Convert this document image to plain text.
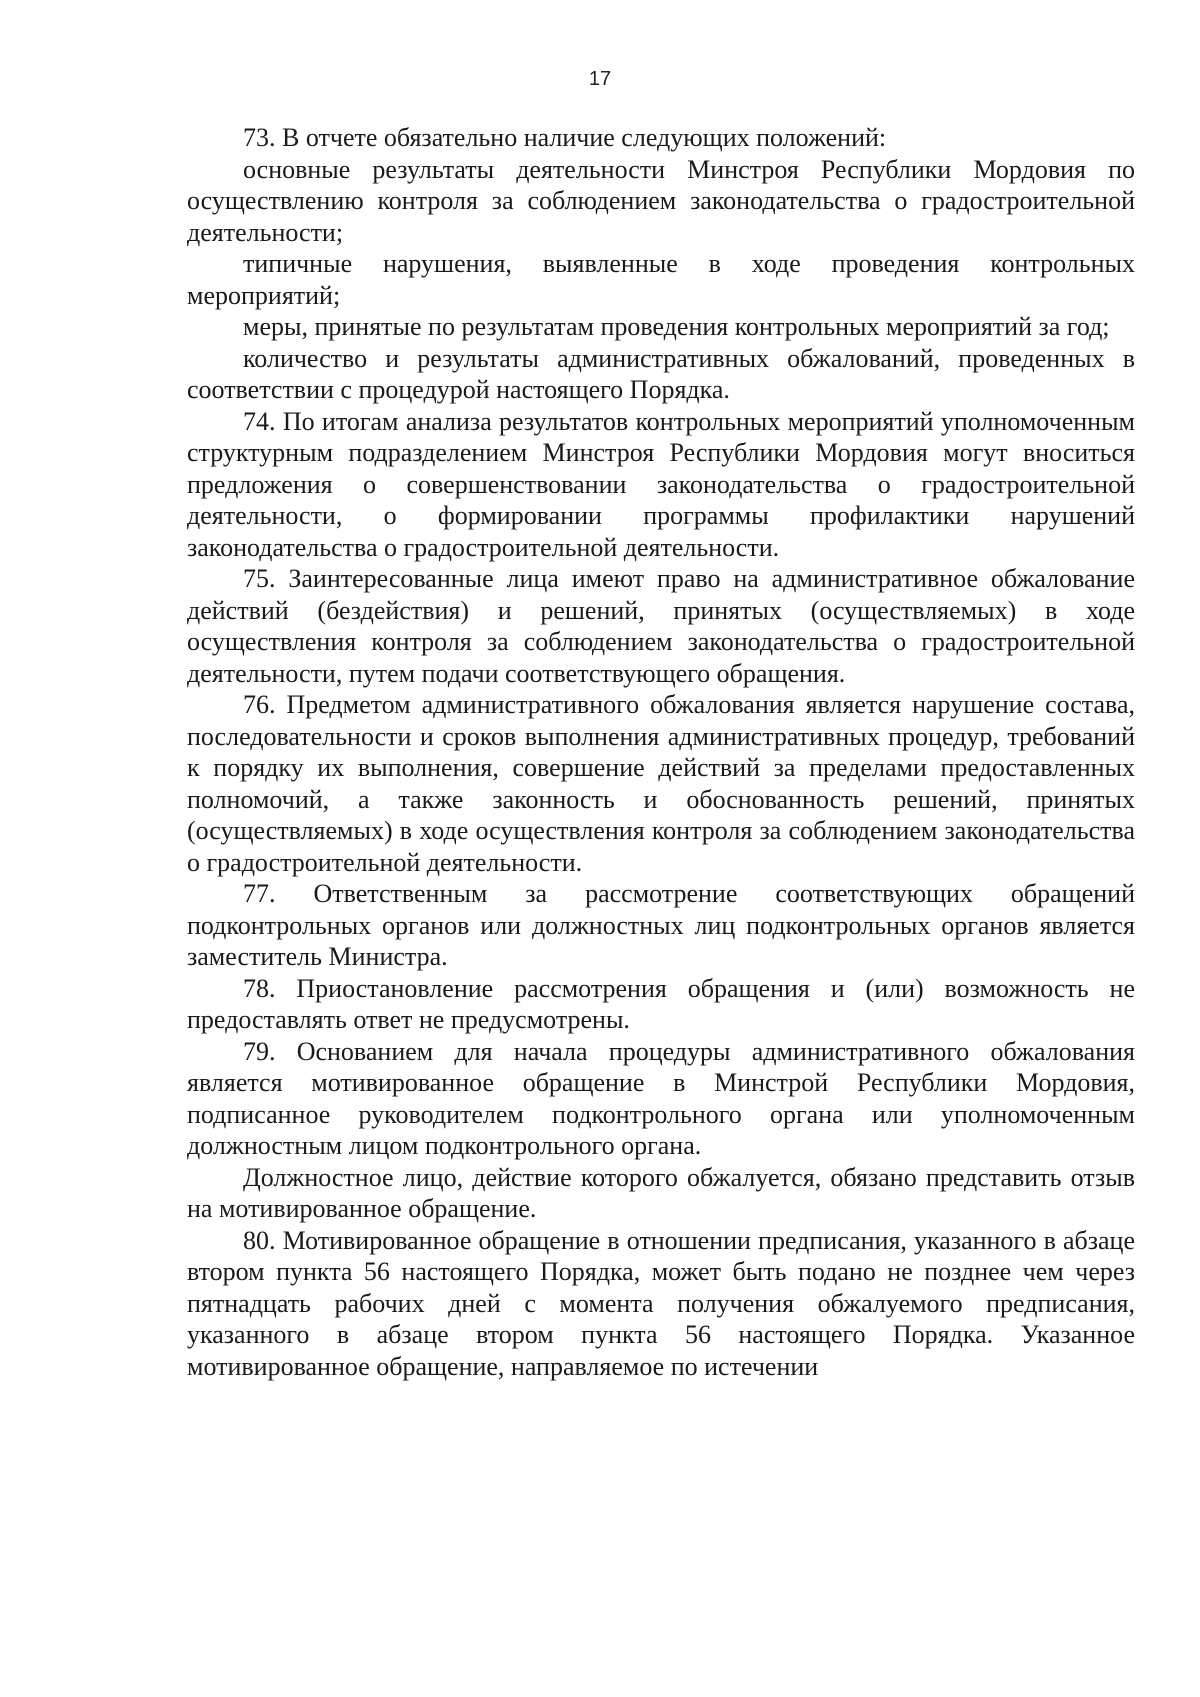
17

73. В отчете обязательно наличие следующих положений:

основные результаты деятельности Минстроя Республики Мордовия по осуществлению контроля за соблюдением законодательства о градостроительной деятельности;

типичные нарушения, выявленные в ходе проведения контрольных мероприятий;

меры, принятые по результатам проведения контрольных мероприятий за год;

количество и результаты административных обжалований, проведенных в соответствии с процедурой настоящего Порядка.

74. По итогам анализа результатов контрольных мероприятий уполномоченным структурным подразделением Минстроя Республики Мордовия могут вноситься предложения о совершенствовании законодательства о градостроительной деятельности, о формировании программы профилактики нарушений законодательства о градостроительной деятельности.

75. Заинтересованные лица имеют право на административное обжалование действий (бездействия) и решений, принятых (осуществляемых) в ходе осуществления контроля за соблюдением законодательства о градостроительной деятельности, путем подачи соответствующего обращения.

76. Предметом административного обжалования является нарушение состава, последовательности и сроков выполнения административных процедур, требований к порядку их выполнения, совершение действий за пределами предоставленных полномочий, а также законность и обоснованность решений, принятых (осуществляемых) в ходе осуществления контроля за соблюдением законодательства о градостроительной деятельности.

77. Ответственным за рассмотрение соответствующих обращений подконтрольных органов или должностных лиц подконтрольных органов является заместитель Министра.

78. Приостановление рассмотрения обращения и (или) возможность не предоставлять ответ не предусмотрены.

79. Основанием для начала процедуры административного обжалования является мотивированное обращение в Минстрой Республики Мордовия, подписанное руководителем подконтрольного органа или уполномоченным должностным лицом подконтрольного органа.

Должностное лицо, действие которого обжалуется, обязано представить отзыв на мотивированное обращение.

80. Мотивированное обращение в отношении предписания, указанного в абзаце втором пункта 56 настоящего Порядка, может быть подано не позднее чем через пятнадцать рабочих дней с момента получения обжалуемого предписания, указанного в абзаце втором пункта 56 настоящего Порядка. Указанное мотивированное обращение, направляемое по истечении
